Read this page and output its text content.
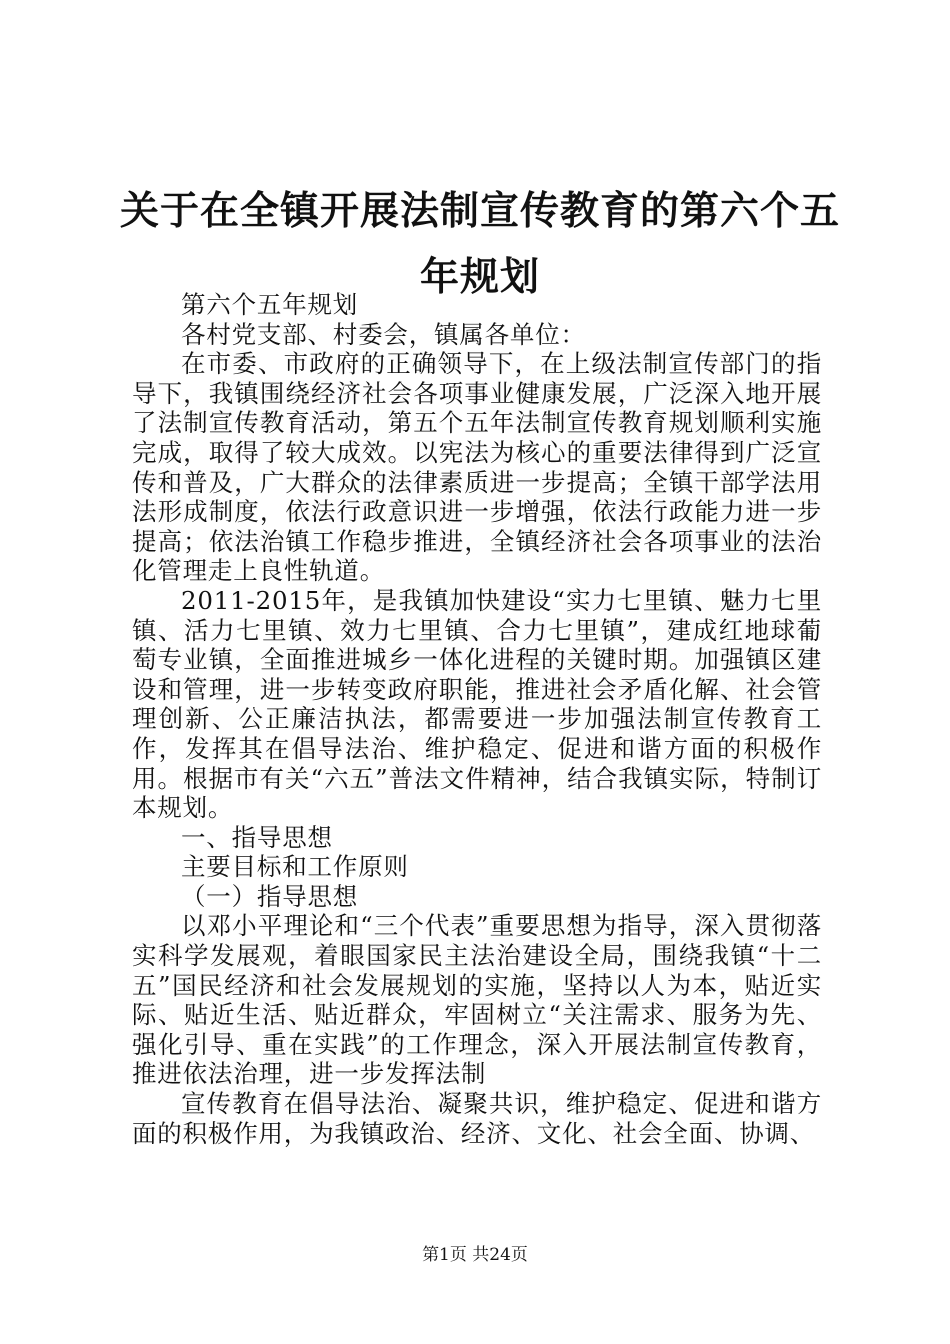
关于在全镇开展法制宣传教育的第六个五年规划

第六个五年规划

各村党支部、村委会，镇属各单位：

在市委、市政府的正确领导下，在上级法制宣传部门的指导下，我镇围绕经济社会各项事业健康发展，广泛深入地开展了法制宣传教育活动，第五个五年法制宣传教育规划顺利实施完成，取得了较大成效。以宪法为核心的重要法律得到广泛宣传和普及，广大群众的法律素质进一步提高；全镇干部学法用法形成制度，依法行政意识进一步增强，依法行政能力进一步提高；依法治镇工作稳步推进，全镇经济社会各项事业的法治化管理走上良性轨道。

2011-2015年，是我镇加快建设“实力七里镇、魅力七里镇、活力七里镇、效力七里镇、合力七里镇”，建成红地球葡萄专业镇，全面推进城乡一体化进程的关键时期。加强镇区建设和管理，进一步转变政府职能，推进社会矛盾化解、社会管理创新、公正廉洁执法，都需要进一步加强法制宣传教育工作，发挥其在倡导法治、维护稳定、促进和谐方面的积极作用。根据市有关“六五”普法文件精神，结合我镇实际，特制订本规划。

一、指导思想

主要目标和工作原则

（一）指导思想

以邓小平理论和“三个代表”重要思想为指导，深入贯彻落实科学发展观，着眼国家民主法治建设全局，围绕我镇“十二五”国民经济和社会发展规划的实施，坚持以人为本，贴近实际、贴近生活、贴近群众，牢固树立“关注需求、服务为先、强化引导、重在实践”的工作理念，深入开展法制宣传教育，推进依法治理，进一步发挥法制

宣传教育在倡导法治、凝聚共识，维护稳定、促进和谐方面的积极作用，为我镇政治、经济、文化、社会全面、协调、

第1页 共24页
